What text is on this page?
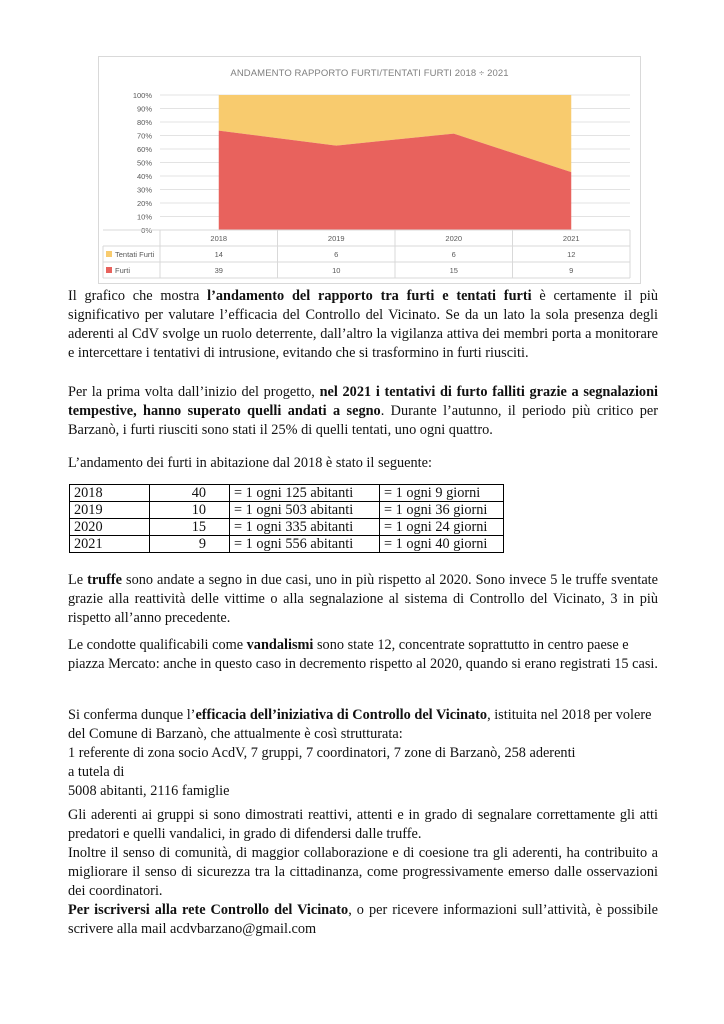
ANDAMENTO RAPPORTO FURTI/TENTATI FURTI 2018 ÷ 2021
100%
90%
80%
70%
60%
50%
40%
30%
20%
10%
0%
2018	2019	2020	2021
Tentati Furti	14	6	6	12
Furti	39	10	15	9

Il grafico che mostra l’andamento del rapporto tra furti e tentati furti è certamente il più significativo per valutare l’efficacia del Controllo del Vicinato. Se da un lato la sola presenza degli aderenti al CdV svolge un ruolo deterrente, dall’altro la vigilanza attiva dei membri porta a monitorare e intercettare i tentativi di intrusione, evitando che si trasformino in furti riusciti.

Per la prima volta dall’inizio del progetto, nel 2021 i tentativi di furto falliti grazie a segnalazioni tempestive, hanno superato quelli andati a segno. Durante l’autunno, il periodo più critico per Barzanò, i furti riusciti sono stati il 25% di quelli tentati, uno ogni quattro.

L’andamento dei furti in abitazione dal 2018 è stato il seguente:

2018	40	= 1 ogni 125 abitanti	= 1 ogni 9 giorni
2019	10	= 1 ogni 503 abitanti	= 1 ogni 36 giorni
2020	15	= 1 ogni 335 abitanti	= 1 ogni 24 giorni
2021	9	= 1 ogni 556 abitanti	= 1 ogni 40 giorni

Le truffe sono andate a segno in due casi, uno in più rispetto al 2020. Sono invece 5 le truffe sventate grazie alla reattività delle vittime o alla segnalazione al sistema di Controllo del Vicinato, 3 in più rispetto all’anno precedente.

Le condotte qualificabili come vandalismi sono state 12, concentrate soprattutto in centro paese e piazza Mercato: anche in questo caso in decremento rispetto al 2020, quando si erano registrati 15 casi.

Si conferma dunque l’efficacia dell’iniziativa di Controllo del Vicinato, istituita nel 2018 per volere del Comune di Barzanò, che attualmente è così strutturata:

1 referente di zona socio AcdV, 7 gruppi, 7 coordinatori, 7 zone di Barzanò, 258 aderenti

a tutela di

5008 abitanti, 2116 famiglie

Gli aderenti ai gruppi si sono dimostrati reattivi, attenti e in grado di segnalare correttamente gli atti predatori e quelli vandalici, in grado di difendersi dalle truffe.

Inoltre il senso di comunità, di maggior collaborazione e di coesione tra gli aderenti, ha contribuito a migliorare il senso di sicurezza tra la cittadinanza, come progressivamente emerso dalle osservazioni dei coordinatori.

Per iscriversi alla rete Controllo del Vicinato, o per ricevere informazioni sull’attività, è possibile scrivere alla mail acdvbarzano@gmail.com
